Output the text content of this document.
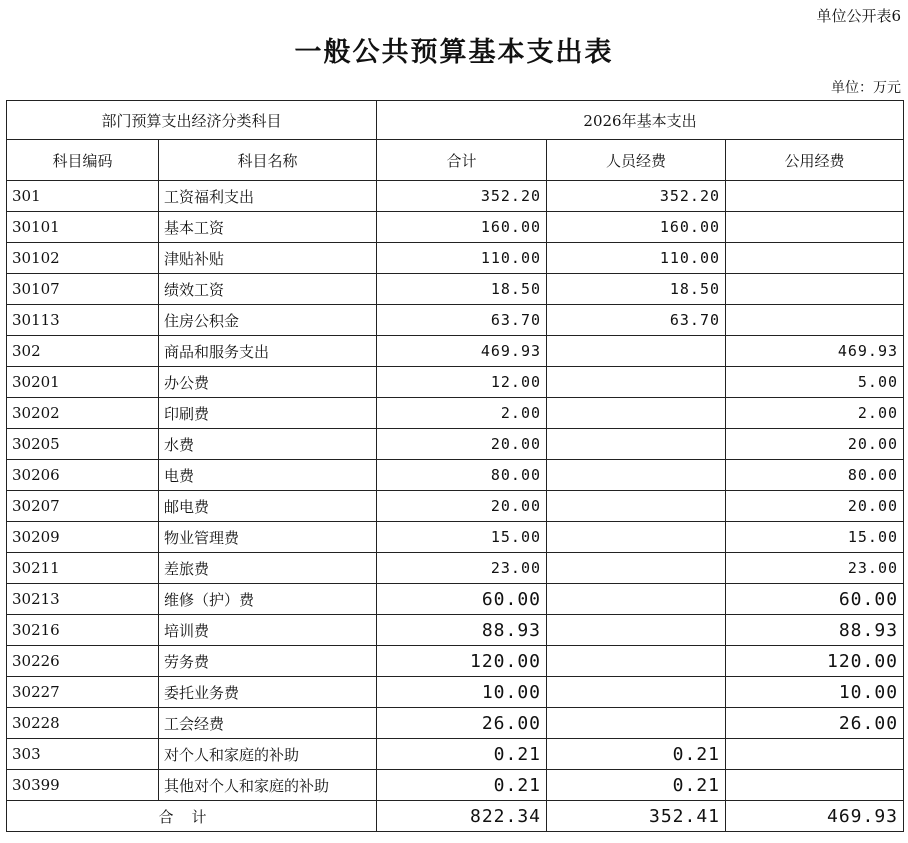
单位公开表6
一般公共预算基本支出表
单位：万元
部门预算支出经济分类科目		2026年基本支出		
科目编码	科目名称	合计	人员经费	公用经费
301	工资福利支出	352.20	352.20	
30101	基本工资	160.00	160.00	
30102	津贴补贴	110.00	110.00	
30107	绩效工资	18.50	18.50	
30113	住房公积金	63.70	63.70	
302	商品和服务支出	469.93		469.93
30201	办公费	12.00		5.00
30202	印刷费	2.00		2.00
30205	水费	20.00		20.00
30206	电费	80.00		80.00
30207	邮电费	20.00		20.00
30209	物业管理费	15.00		15.00
30211	差旅费	23.00		23.00
30213	维修（护）费	60.00		60.00
30216	培训费	88.93		88.93
30226	劳务费	120.00		120.00
30227	委托业务费	10.00		10.00
30228	工会经费	26.00		26.00
303	对个人和家庭的补助	0.21	0.21	
30399	其他对个人和家庭的补助	0.21	0.21	
合计		822.34	352.41	469.93
